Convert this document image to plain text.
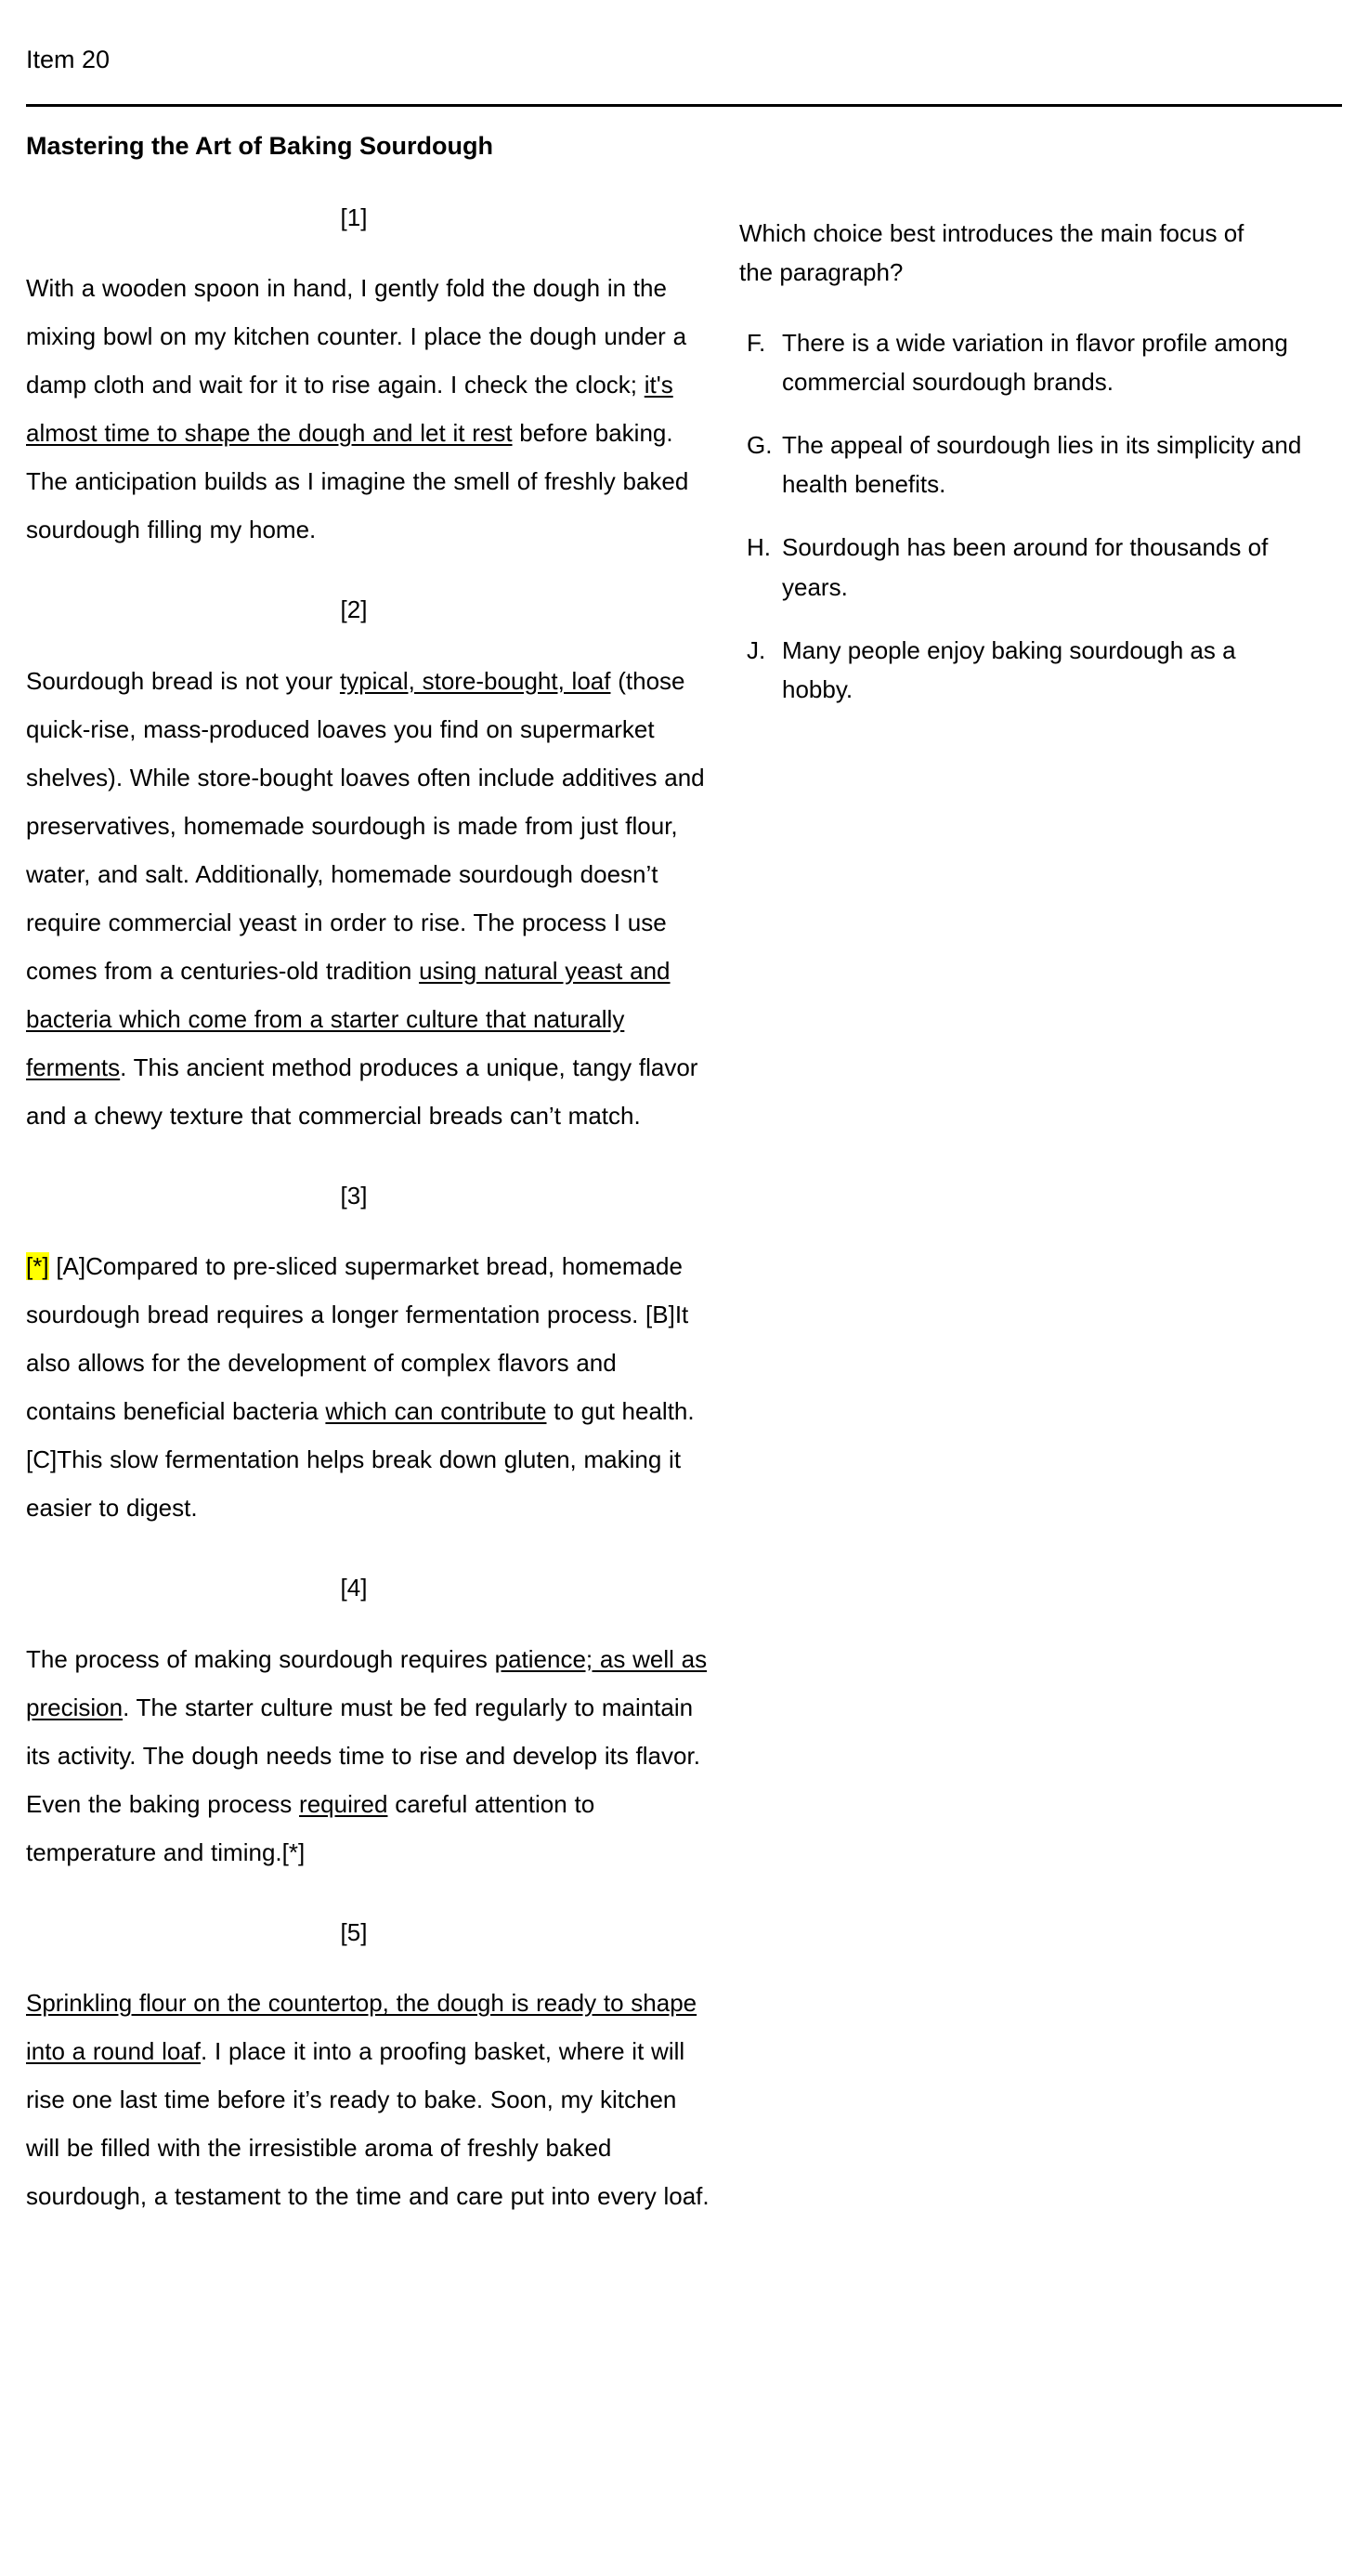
Item 20
Mastering the Art of Baking Sourdough
[1]
With a wooden spoon in hand, I gently fold the dough in the mixing bowl on my kitchen counter. I place the dough under a damp cloth and wait for it to rise again. I check the clock; it's almost time to shape the dough and let it rest before baking. The anticipation builds as I imagine the smell of freshly baked sourdough filling my home.
[2]
Sourdough bread is not your typical, store-bought, loaf (those quick-rise, mass-produced loaves you find on supermarket shelves). While store-bought loaves often include additives and preservatives, homemade sourdough is made from just flour, water, and salt. Additionally, homemade sourdough doesn’t require commercial yeast in order to rise. The process I use comes from a centuries-old tradition using natural yeast and bacteria which come from a starter culture that naturally ferments. This ancient method produces a unique, tangy flavor and a chewy texture that commercial breads can’t match.
[3]
[*] [A]Compared to pre-sliced supermarket bread, homemade sourdough bread requires a longer fermentation process. [B]It also allows for the development of complex flavors and contains beneficial bacteria which can contribute to gut health. [C]This slow fermentation helps break down gluten, making it easier to digest.
[4]
The process of making sourdough requires patience; as well as precision. The starter culture must be fed regularly to maintain its activity. The dough needs time to rise and develop its flavor. Even the baking process required careful attention to temperature and timing.[*]
[5]
Sprinkling flour on the countertop, the dough is ready to shape into a round loaf. I place it into a proofing basket, where it will rise one last time before it’s ready to bake. Soon, my kitchen will be filled with the irresistible aroma of freshly baked sourdough, a testament to the time and care put into every loaf.
Which choice best introduces the main focus of the paragraph?
F. There is a wide variation in flavor profile among commercial sourdough brands.
G. The appeal of sourdough lies in its simplicity and health benefits.
H. Sourdough has been around for thousands of years.
J. Many people enjoy baking sourdough as a hobby.
